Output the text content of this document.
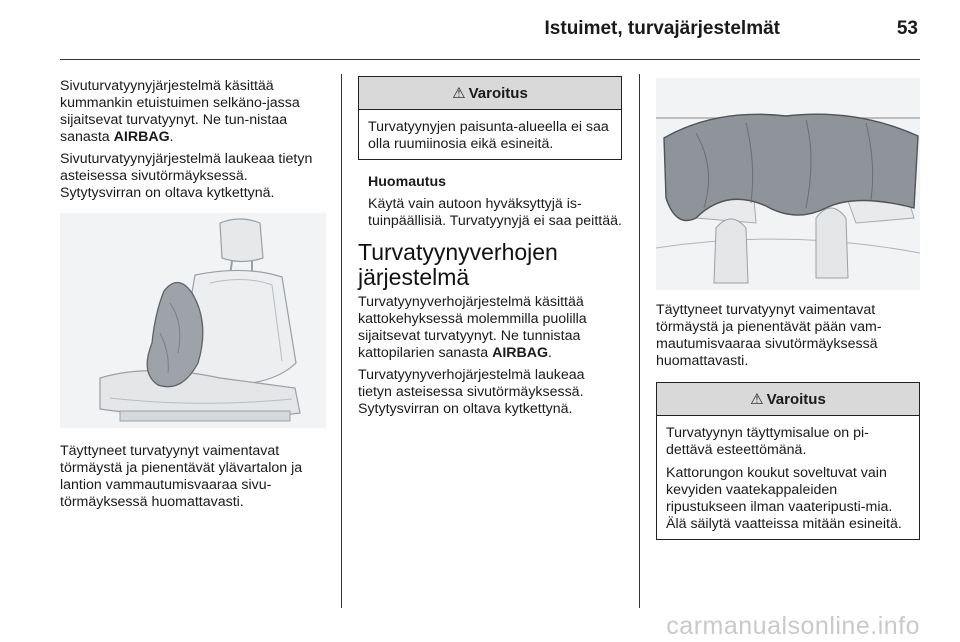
Istuimet, turvajärjestelmät	53

Sivuturvatyynyjärjestelmä käsittää kummankin etuistuimen selkäno-jassa sijaitsevat turvatyynyt. Ne tun-nistaa sanasta AIRBAG.

Sivuturvatyynyjärjestelmä laukeaa tietyn asteisessa sivutörmäyksessä. Sytytysvirran on oltava kytkettynä.

Täyttyneet turvatyynyt vaimentavat törmäystä ja pienentävät ylävartalon ja lantion vammautumisvaaraa sivu-törmäyksessä huomattavasti.

⚠ Varoitus

Turvatyynyjen paisunta-alueella ei saa olla ruumiinosia eikä esineitä.

Huomautus

Käytä vain autoon hyväksyttyjä is-tuinpäällisiä. Turvatyynyjä ei saa peittää.

Turvatyynyverhojen
järjestelmä

Turvatyynyverhojärjestelmä käsittää kattokehyksessä molemmilla puolilla sijaitsevat turvatyynyt. Ne tunnistaa kattopilarien sanasta AIRBAG.

Turvatyynyverhojärjestelmä laukeaa tietyn asteisessa sivutörmäyksessä. Sytytysvirran on oltava kytkettynä.

Täyttyneet turvatyynyt vaimentavat törmäystä ja pienentävät pään vam-mautumisvaaraa sivutörmäyksessä huomattavasti.

⚠ Varoitus

Turvatyynyn täyttymisalue on pi-dettävä esteettömänä.

Kattorungon koukut soveltuvat vain kevyiden vaatekappaleiden ripustukseen ilman vaateripusti-mia. Älä säilytä vaatteissa mitään esineitä.

carmanualsonline.info
